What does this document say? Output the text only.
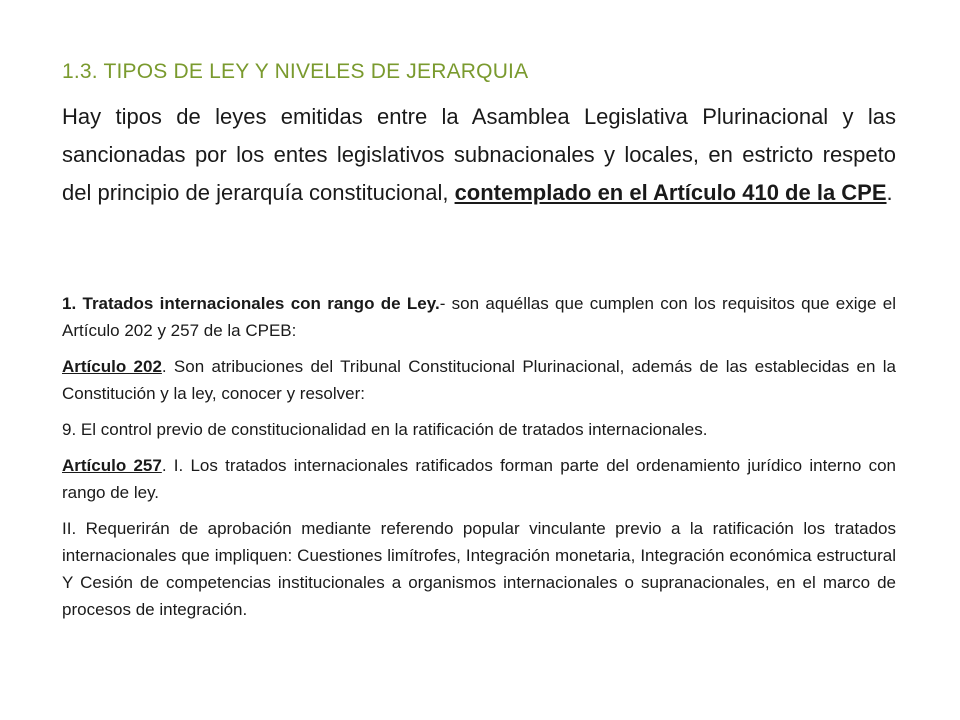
1.3. TIPOS DE LEY Y NIVELES DE JERARQUIA

Hay tipos de leyes emitidas entre la Asamblea Legislativa Plurinacional y las sancionadas por los entes legislativos subnacionales y locales, en estricto respeto del principio de jerarquía constitucional, contemplado en el Artículo 410 de la CPE.

1. Tratados internacionales con rango de Ley.- son aquéllas que cumplen con los requisitos que exige el Artículo 202 y 257 de la CPEB:

Artículo 202. Son atribuciones del Tribunal Constitucional Plurinacional, además de las establecidas en la Constitución y la ley, conocer y resolver:

9. El control previo de constitucionalidad en la ratificación de tratados internacionales.

Artículo 257. I. Los tratados internacionales ratificados forman parte del ordenamiento jurídico interno con rango de ley.

II. Requerirán de aprobación mediante referendo popular vinculante previo a la ratificación los tratados internacionales que impliquen: Cuestiones limítrofes, Integración monetaria, Integración económica estructural Y Cesión de competencias institucionales a organismos internacionales o supranacionales, en el marco de procesos de integración.
